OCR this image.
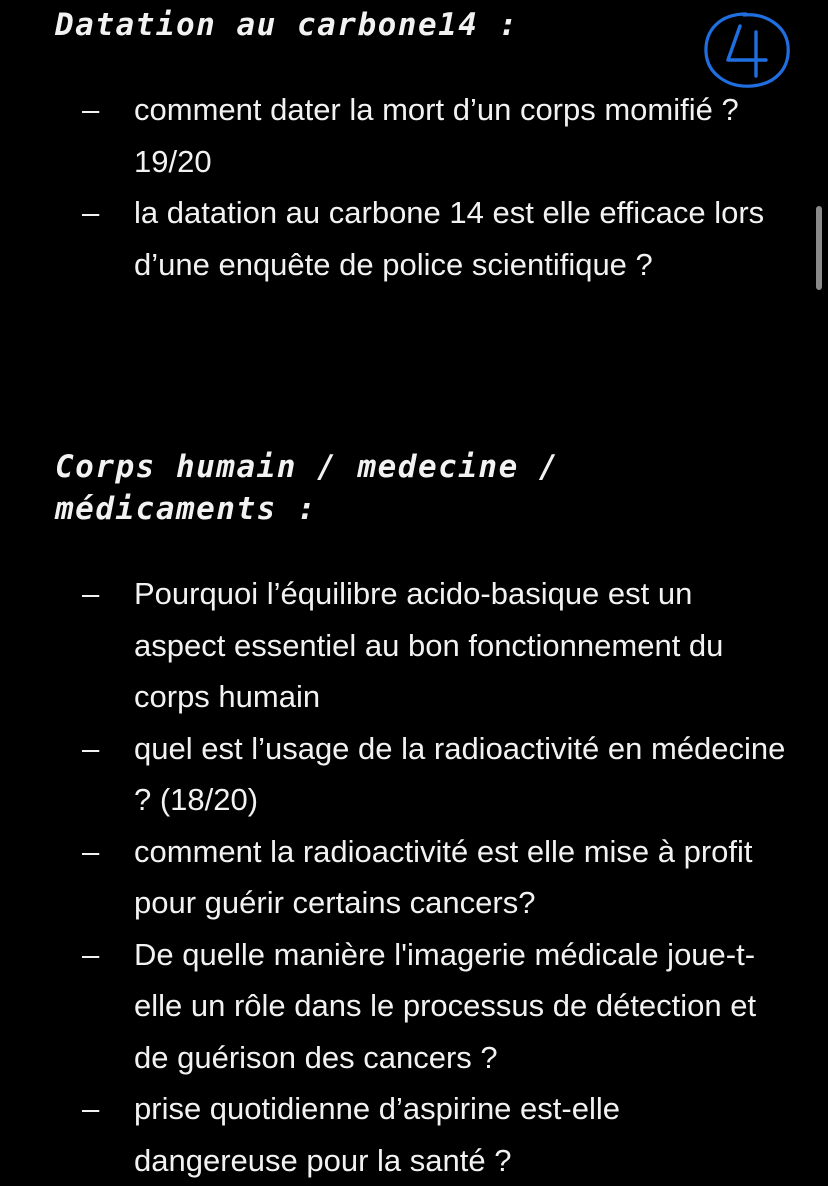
Datation au carbone14 :
– comment dater la mort d’un corps momifié ? 19/20
– la datation au carbone 14 est elle efficace lors d’une enquête de police scientifique ?
Corps humain / medecine / médicaments :
– Pourquoi l’équilibre acido-basique est un aspect essentiel au bon fonctionnement du corps humain
– quel est l’usage de la radioactivité en médecine ? (18/20)
– comment la radioactivité est elle mise à profit pour guérir certains cancers?
– De quelle manière l'imagerie médicale joue-t-elle un rôle dans le processus de détection et de guérison des cancers ?
– prise quotidienne d’aspirine est-elle dangereuse pour la santé ?
